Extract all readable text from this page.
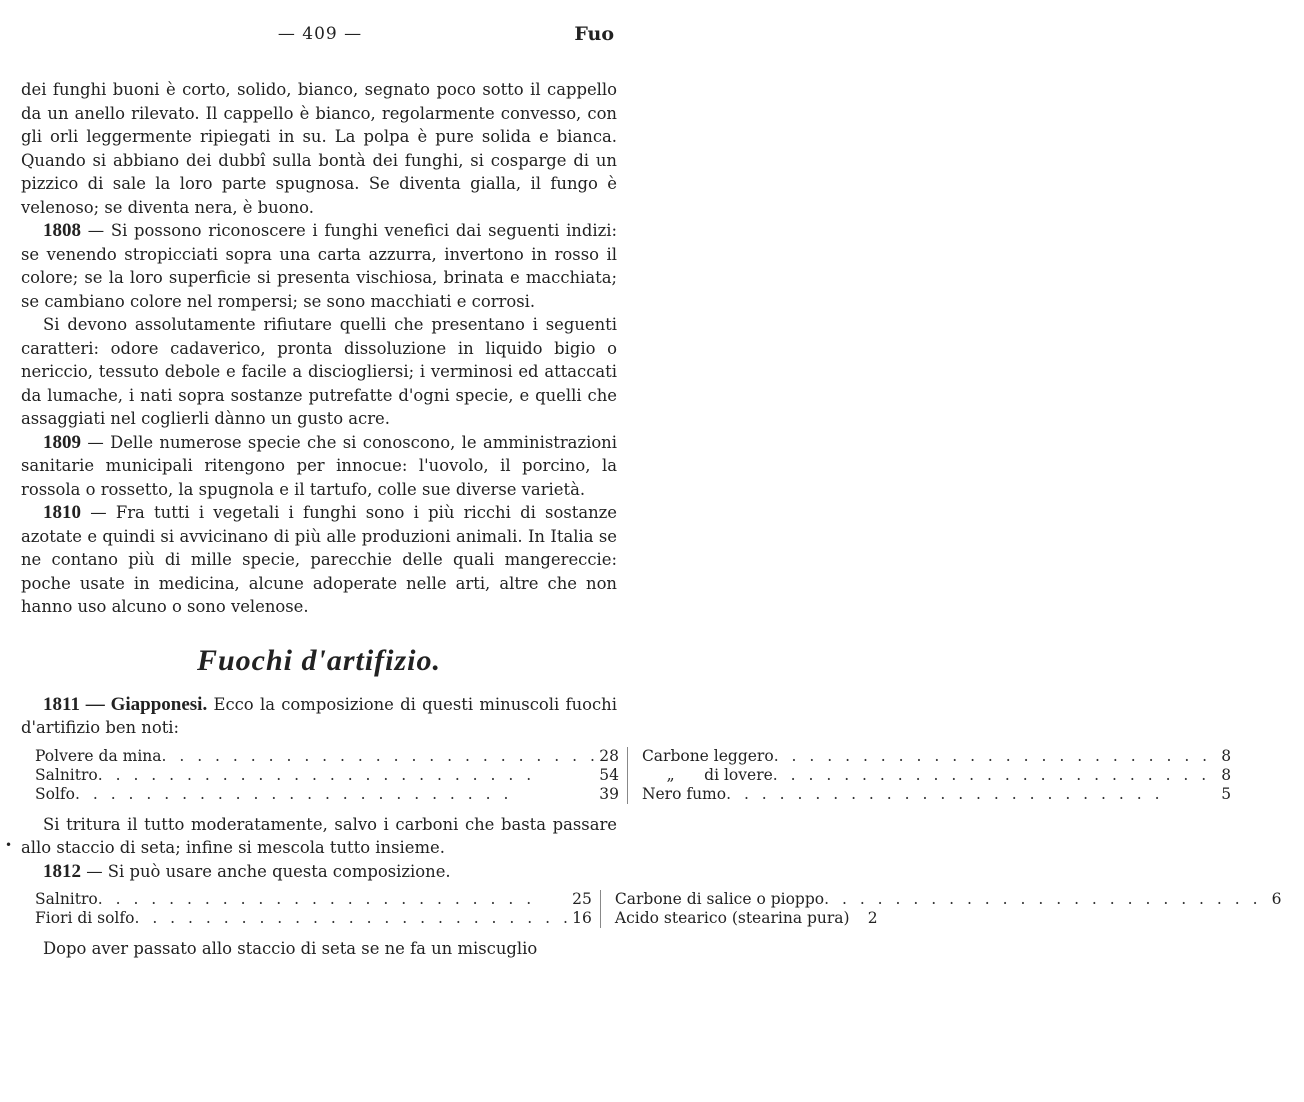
— 409 —	Fuo
•

dei funghi buoni è corto, solido, bianco, segnato poco sotto il cappello da un anello rilevato. Il cappello è bianco, regolarmente convesso, con gli orli leggermente ripiegati in su. La polpa è pure solida e bianca. Quando si abbiano dei dubbî sulla bontà dei funghi, si cosparge di un pizzico di sale la loro parte spugnosa. Se diventa gialla, il fungo è velenoso; se diventa nera, è buono.

1808 — Si possono riconoscere i funghi venefici dai seguenti indizi: se venendo stropicciati sopra una carta azzurra, invertono in rosso il colore; se la loro superficie si presenta vischiosa, brinata e macchiata; se cambiano colore nel rompersi; se sono macchiati e corrosi.

Si devono assolutamente rifiutare quelli che presentano i seguenti caratteri: odore cadaverico, pronta dissoluzione in liquido bigio o nericcio, tessuto debole e facile a disciogliersi; i verminosi ed attaccati da lumache, i nati sopra sostanze putrefatte d'ogni specie, e quelli che assaggiati nel coglierli dànno un gusto acre.

1809 — Delle numerose specie che si conoscono, le amministrazioni sanitarie municipali ritengono per innocue: l'uovolo, il porcino, la rossola o rossetto, la spugnola e il tartufo, colle sue diverse varietà.

1810 — Fra tutti i vegetali i funghi sono i più ricchi di sostanze azotate e quindi si avvicinano di più alle produzioni animali. In Italia se ne contano più di mille specie, parecchie delle quali mangereccie: poche usate in medicina, alcune adoperate nelle arti, altre che non hanno uso alcuno o sono velenose.

Fuochi d'artifizio.

1811 — Giapponesi. Ecco la composizione di questi minuscoli fuochi d'artifizio ben noti:

Polvere da mina . . .	28
Salnitro . . .	54
Solfo . . .	39
Carbone leggero . . .	8
„      di lovere . . .	8
Nero fumo . . .	5

Si tritura il tutto moderatamente, salvo i carboni che basta passare allo staccio di seta; infine si mescola tutto insieme.

1812 — Si può usare anche questa composizione.

Salnitro . . .	25
Fiori di solfo . . .	16
Carbone di salice o pioppo . . .	6
Acido stearico (stearina pura)	2

Dopo aver passato allo staccio di seta se ne fa un miscuglio
